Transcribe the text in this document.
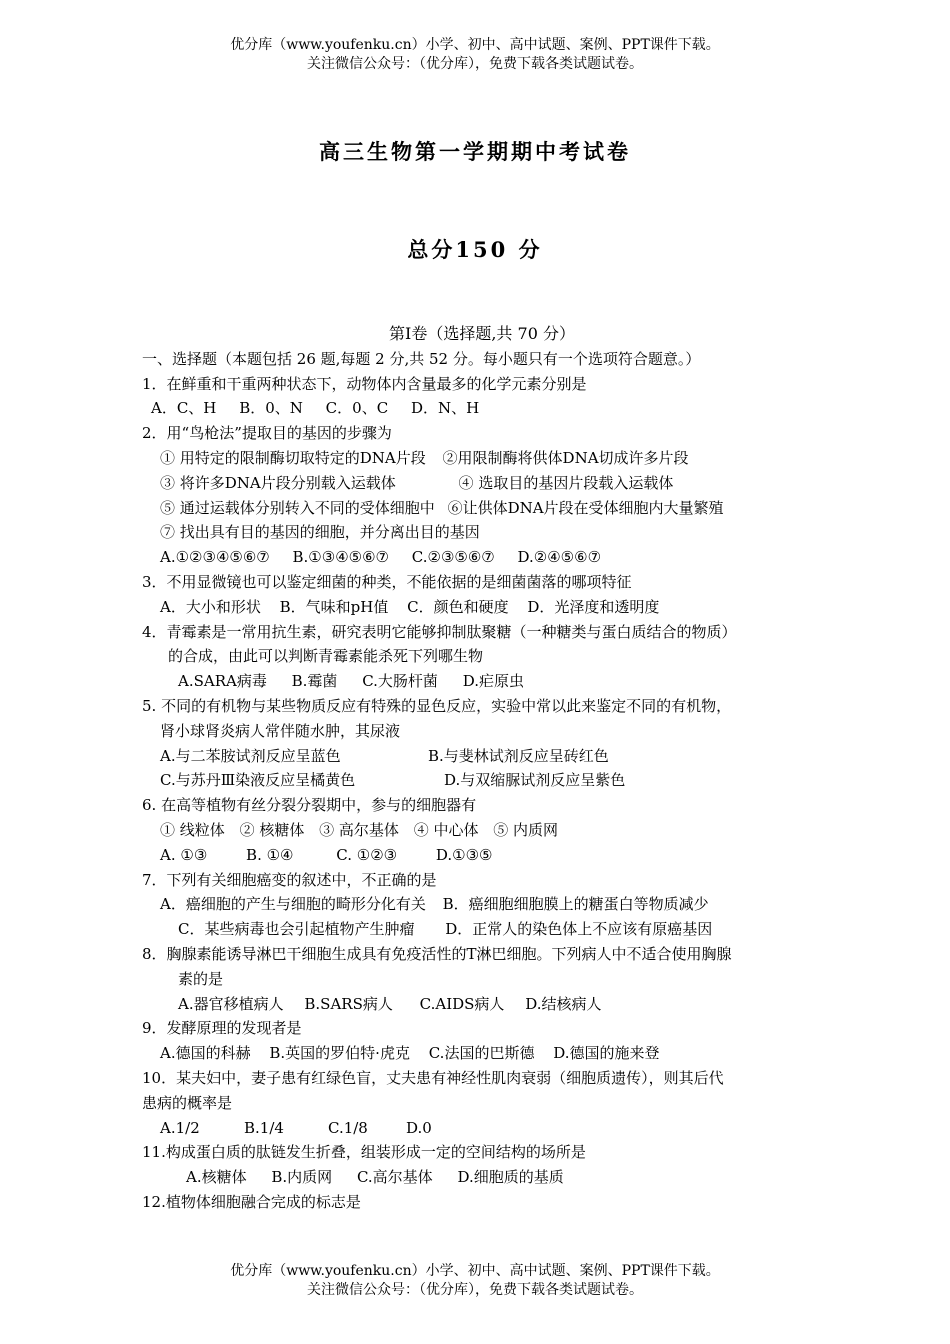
优分库（www.youfenku.cn）小学、初中、高中试题、案例、PPT课件下载。
关注微信公众号：（优分库），免费下载各类试题试卷。
高三生物第一学期期中考试卷
总分150 分
第Ⅰ卷（选择题,共 70 分）
一、选择题（本题包括 26 题,每题 2 分,共 52 分。每小题只有一个选项符合题意。）
1．在鲜重和干重两种状态下，动物体内含量最多的化学元素分别是
A．C、H B．0、N C．0、C D．N、H
2．用“鸟枪法”提取目的基因的步骤为
① 用特定的限制酶切取特定的DNA片段 ②用限制酶将供体DNA切成许多片段
③ 将许多DNA片段分别载入运载体	④ 选取目的基因片段载入运载体
⑤ 通过运载体分别转入不同的受体细胞中 ⑥让供体DNA片段在受体细胞内大量繁殖
⑦ 找出具有目的基因的细胞，并分离出目的基因
A.①②③④⑤⑥⑦ B.①③④⑤⑥⑦ C.②③⑤⑥⑦ D.②④⑤⑥⑦
3．不用显微镜也可以鉴定细菌的种类，不能依据的是细菌菌落的哪项特征
A．大小和形状 B．气味和pH值 C．颜色和硬度 D．光泽度和透明度
4．青霉素是一常用抗生素，研究表明它能够抑制肽聚糖（一种糖类与蛋白质结合的物质）
的合成，由此可以判断青霉素能杀死下列哪生物
A.SARA病毒 B.霉菌 C.大肠杆菌 D.疟原虫
5. 不同的有机物与某些物质反应有特殊的显色反应，实验中常以此来鉴定不同的有机物，
肾小球肾炎病人常伴随水肿，其尿液
A.与二苯胺试剂反应呈蓝色	B.与斐林试剂反应呈砖红色
C.与苏丹Ⅲ染液反应呈橘黄色	D.与双缩脲试剂反应呈紫色
6. 在高等植物有丝分裂分裂期中，参与的细胞器有
① 线粒体 ② 核糖体 ③ 高尔基体 ④ 中心体 ⑤ 内质网
A. ①③	B. ①④	C. ①②③	D.①③⑤
7．下列有关细胞癌变的叙述中，不正确的是
A．癌细胞的产生与细胞的畸形分化有关 B．癌细胞细胞膜上的糖蛋白等物质减少
C．某些病毒也会引起植物产生肿瘤 D．正常人的染色体上不应该有原癌基因
8．胸腺素能诱导淋巴干细胞生成具有免疫活性的T淋巴细胞。下列病人中不适合使用胸腺
素的是
A.器官移植病人 B.SARS病人 C.AIDS病人 D.结核病人
9．发酵原理的发现者是
A.德国的科赫 B.英国的罗伯特·虎克 C.法国的巴斯德 D.德国的施来登
10．某夫妇中，妻子患有红绿色盲，丈夫患有神经性肌肉衰弱（细胞质遗传），则其后代
患病的概率是
A.1/2	B.1/4	C.1/8	D.0
11.构成蛋白质的肽链发生折叠，组装形成一定的空间结构的场所是
A.核糖体 B.内质网 C.高尔基体 D.细胞质的基质
12.植物体细胞融合完成的标志是
优分库（www.youfenku.cn）小学、初中、高中试题、案例、PPT课件下载。
关注微信公众号：（优分库），免费下载各类试题试卷。
